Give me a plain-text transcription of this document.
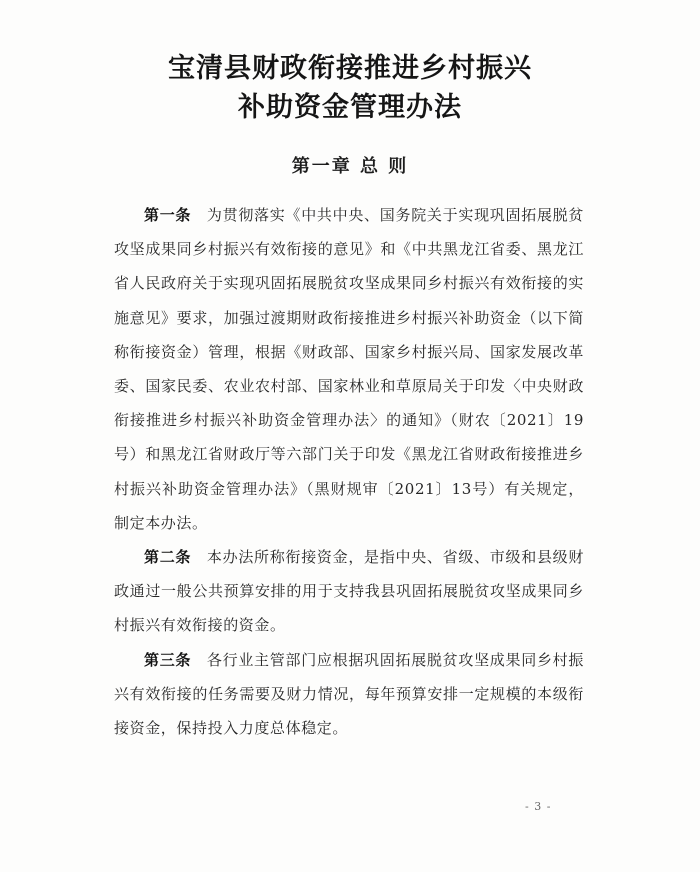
宝清县财政衔接推进乡村振兴
补助资金管理办法
第一章 总 则

第一条  为贯彻落实《中共中央、国务院关于实现巩固拓展脱贫攻坚成果同乡村振兴有效衔接的意见》和《中共黑龙江省委、黑龙江省人民政府关于实现巩固拓展脱贫攻坚成果同乡村振兴有效衔接的实施意见》要求，加强过渡期财政衔接推进乡村振兴补助资金（以下简称衔接资金）管理，根据《财政部、国家乡村振兴局、国家发展改革委、国家民委、农业农村部、国家林业和草原局关于印发〈中央财政衔接推进乡村振兴补助资金管理办法〉的通知》（财农〔2021〕19号）和黑龙江省财政厅等六部门关于印发《黑龙江省财政衔接推进乡村振兴补助资金管理办法》（黑财规审〔2021〕13号）有关规定，制定本办法。

第二条  本办法所称衔接资金，是指中央、省级、市级和县级财政通过一般公共预算安排的用于支持我县巩固拓展脱贫攻坚成果同乡村振兴有效衔接的资金。

第三条  各行业主管部门应根据巩固拓展脱贫攻坚成果同乡村振兴有效衔接的任务需要及财力情况，每年预算安排一定规模的本级衔接资金，保持投入力度总体稳定。

- 3 -
